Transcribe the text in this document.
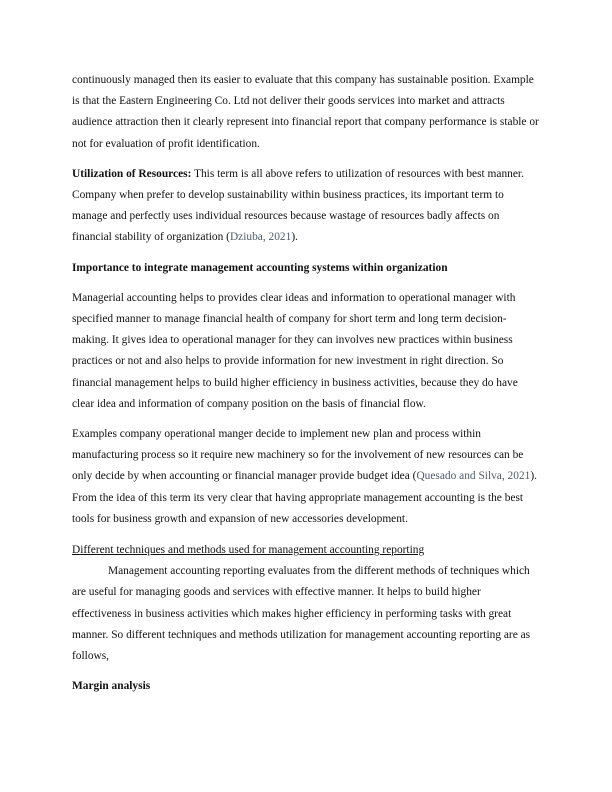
continuously managed then its easier to evaluate that this company has sustainable position. Example is that the Eastern Engineering Co. Ltd not deliver their goods services into market and attracts audience attraction then it clearly represent into financial report that company performance is stable or not for evaluation of profit identification.

Utilization of Resources: This term is all above refers to utilization of resources with best manner. Company when prefer to develop sustainability within business practices, its important term to manage and perfectly uses individual resources because wastage of resources badly affects on financial stability of organization (Dziuba, 2021).

Importance to integrate management accounting systems within organization

Managerial accounting helps to provides clear ideas and information to operational manager with specified manner to manage financial health of company for short term and long term decision-making. It gives idea to operational manager for they can involves new practices within business practices or not and also helps to provide information for new investment in right direction. So financial management helps to build higher efficiency in business activities, because they do have clear idea and information of company position on the basis of financial flow.

Examples company operational manger decide to implement new plan and process within manufacturing process so it require new machinery so for the involvement of new resources can be only decide by when accounting or financial manager provide budget idea (Quesado and Silva, 2021). From the idea of this term its very clear that having appropriate management accounting is the best tools for business growth and expansion of new accessories development.

Different techniques and methods used for management accounting reporting

Management accounting reporting evaluates from the different methods of techniques which are useful for managing goods and services with effective manner. It helps to build higher effectiveness in business activities which makes higher efficiency in performing tasks with great manner. So different techniques and methods utilization for management accounting reporting are as follows,

Margin analysis
